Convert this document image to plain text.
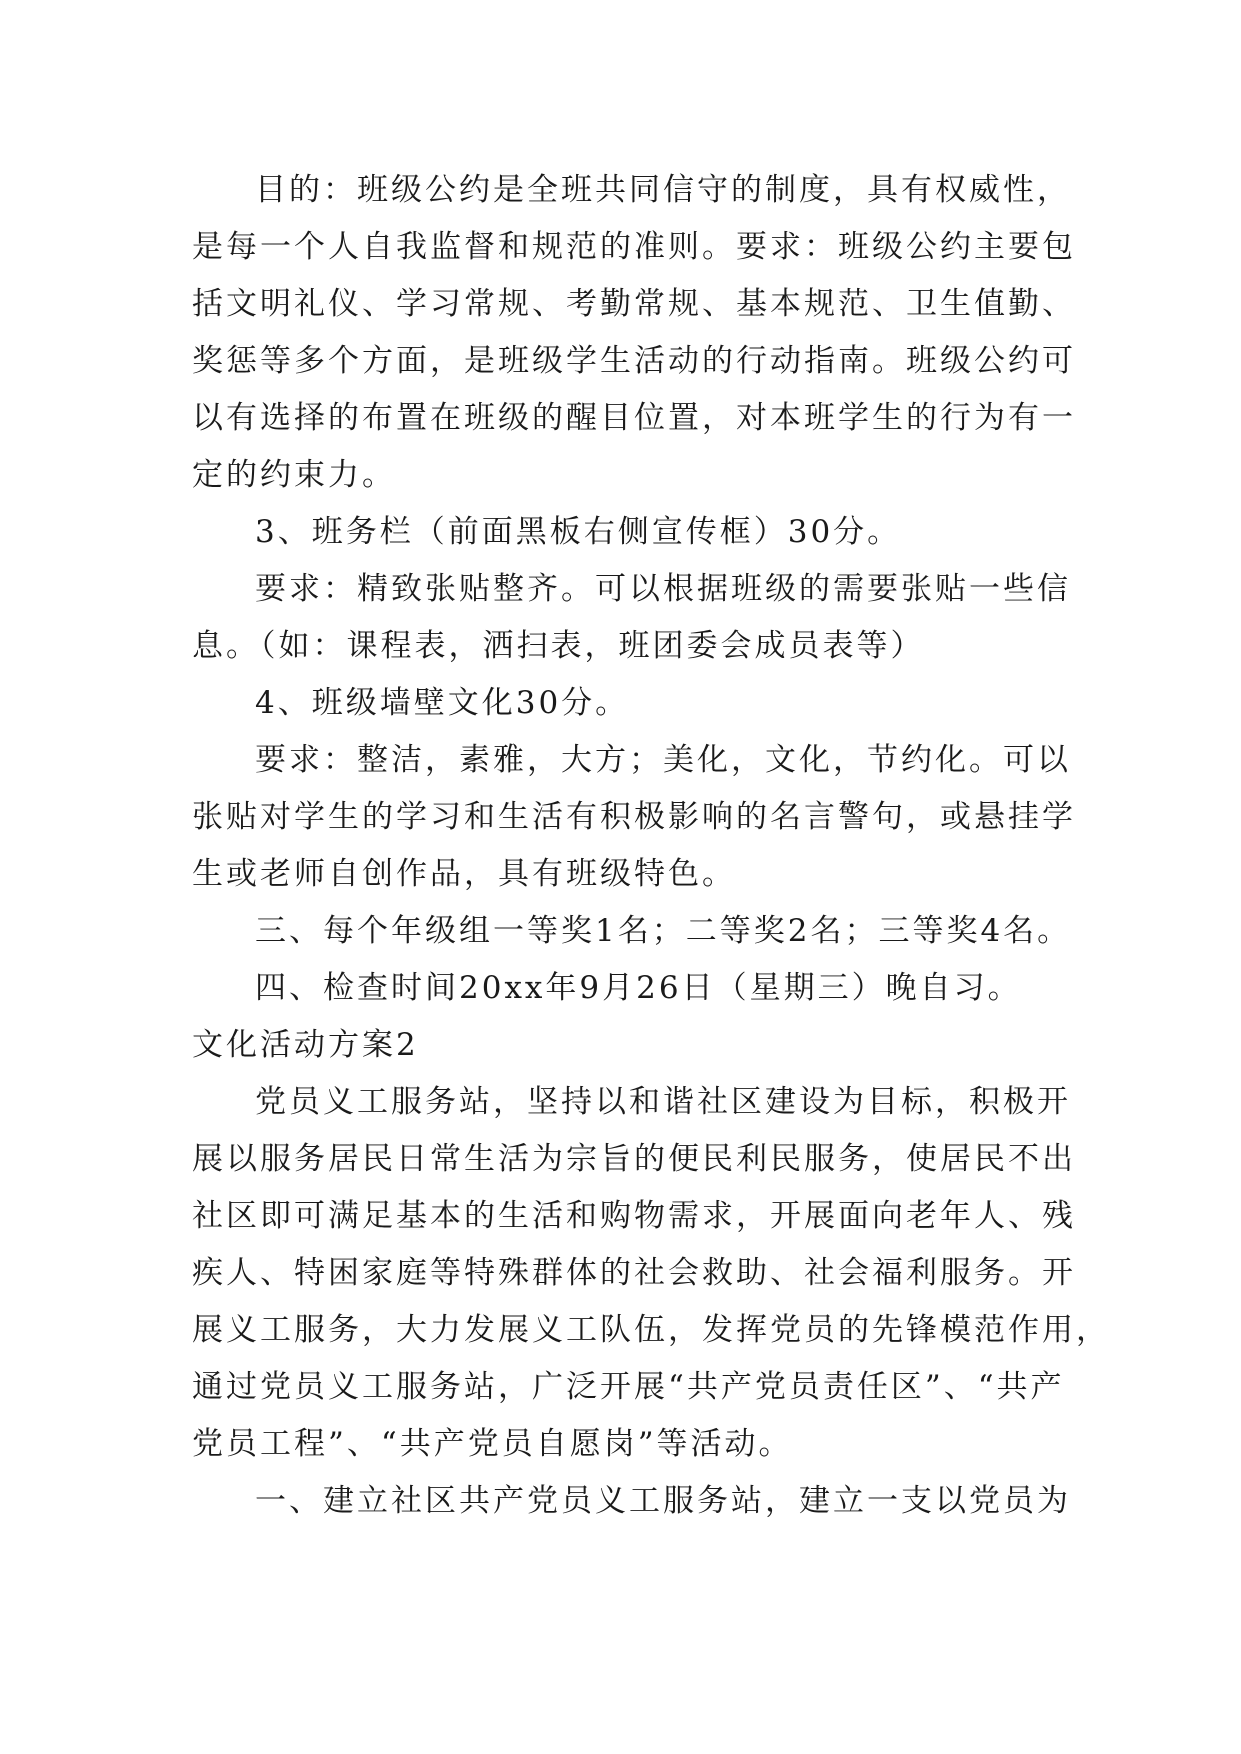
目的：班级公约是全班共同信守的制度，具有权威性，
是每一个人自我监督和规范的准则。要求：班级公约主要包
括文明礼仪、学习常规、考勤常规、基本规范、卫生值勤、
奖惩等多个方面，是班级学生活动的行动指南。班级公约可
以有选择的布置在班级的醒目位置，对本班学生的行为有一
定的约束力。
3、班务栏（前面黑板右侧宣传框）30分。
要求：精致张贴整齐。可以根据班级的需要张贴一些信
息。（如：课程表，洒扫表，班团委会成员表等）
4、班级墙壁文化30分。
要求：整洁，素雅，大方；美化，文化，节约化。可以
张贴对学生的学习和生活有积极影响的名言警句，或悬挂学
生或老师自创作品，具有班级特色。
三、每个年级组一等奖1名；二等奖2名；三等奖4名。
四、检查时间20xx年9月26日（星期三）晚自习。
文化活动方案2
党员义工服务站，坚持以和谐社区建设为目标，积极开
展以服务居民日常生活为宗旨的便民利民服务，使居民不出
社区即可满足基本的生活和购物需求，开展面向老年人、残
疾人、特困家庭等特殊群体的社会救助、社会福利服务。开
展义工服务，大力发展义工队伍，发挥党员的先锋模范作用，
通过党员义工服务站，广泛开展“共产党员责任区”、“共产
党员工程”、“共产党员自愿岗”等活动。
一、建立社区共产党员义工服务站，建立一支以党员为
